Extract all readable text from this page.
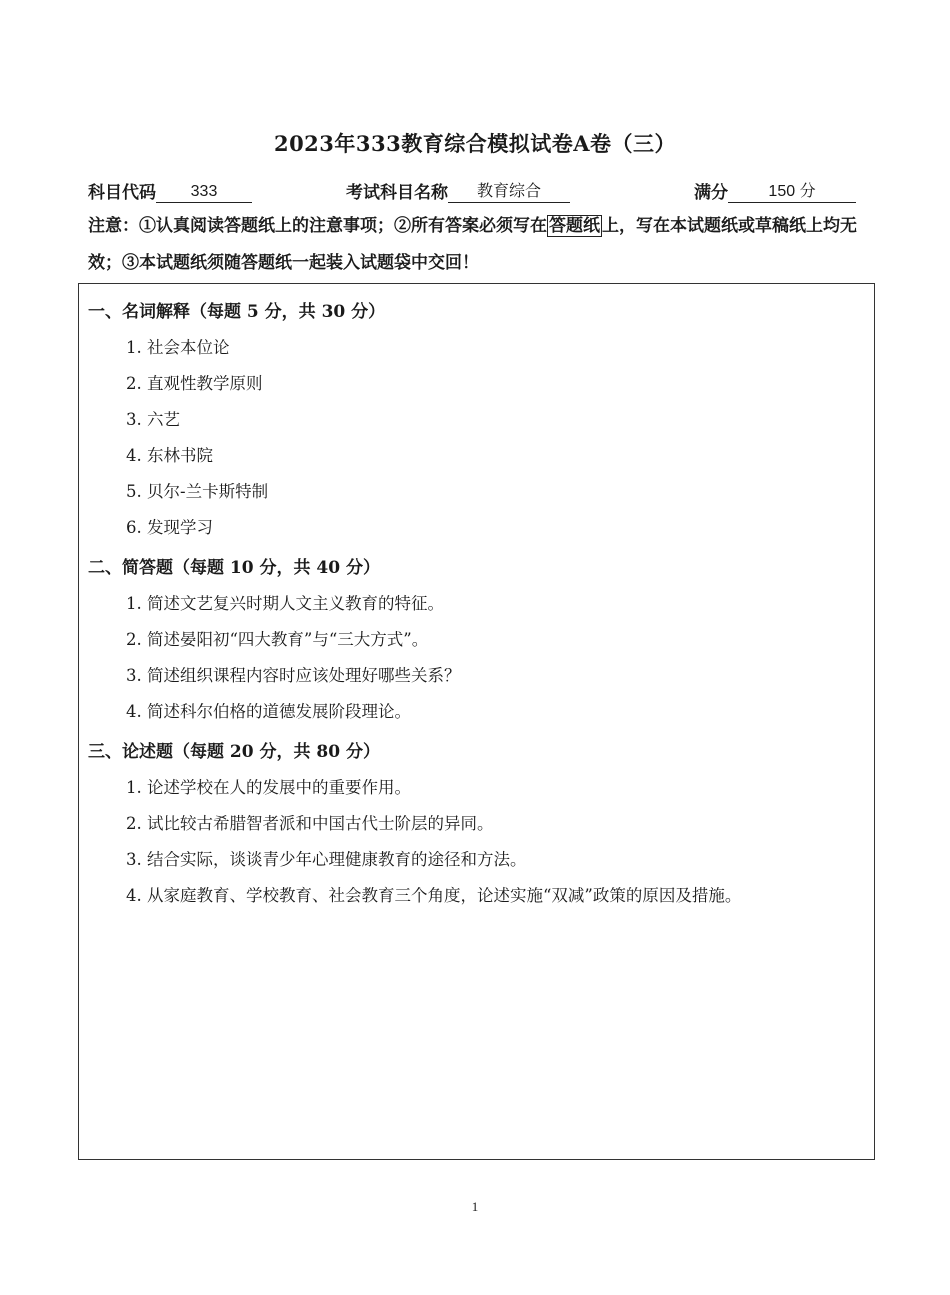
2023年333教育综合模拟试卷A卷（三）
科目代码 333	考试科目名称 教育综合	满分	150 分
注意：①认真阅读答题纸上的注意事项；②所有答案必须写在 答题纸 上，写在本试题纸或草稿纸上均无效；③本试题纸须随答题纸一起装入试题袋中交回！
一、名词解释（每题 5 分，共 30 分）
1. 社会本位论
2. 直观性教学原则
3. 六艺
4. 东林书院
5. 贝尔-兰卡斯特制
6. 发现学习
二、简答题（每题 10 分，共 40 分）
1. 简述文艺复兴时期人文主义教育的特征。
2. 简述晏阳初“四大教育”与“三大方式”。
3. 简述组织课程内容时应该处理好哪些关系？
4. 简述科尔伯格的道德发展阶段理论。
三、论述题（每题 20 分，共 80 分）
1. 论述学校在人的发展中的重要作用。
2. 试比较古希腊智者派和中国古代士阶层的异同。
3. 结合实际，谈谈青少年心理健康教育的途径和方法。
4. 从家庭教育、学校教育、社会教育三个角度，论述实施“双减”政策的原因及措施。
1
